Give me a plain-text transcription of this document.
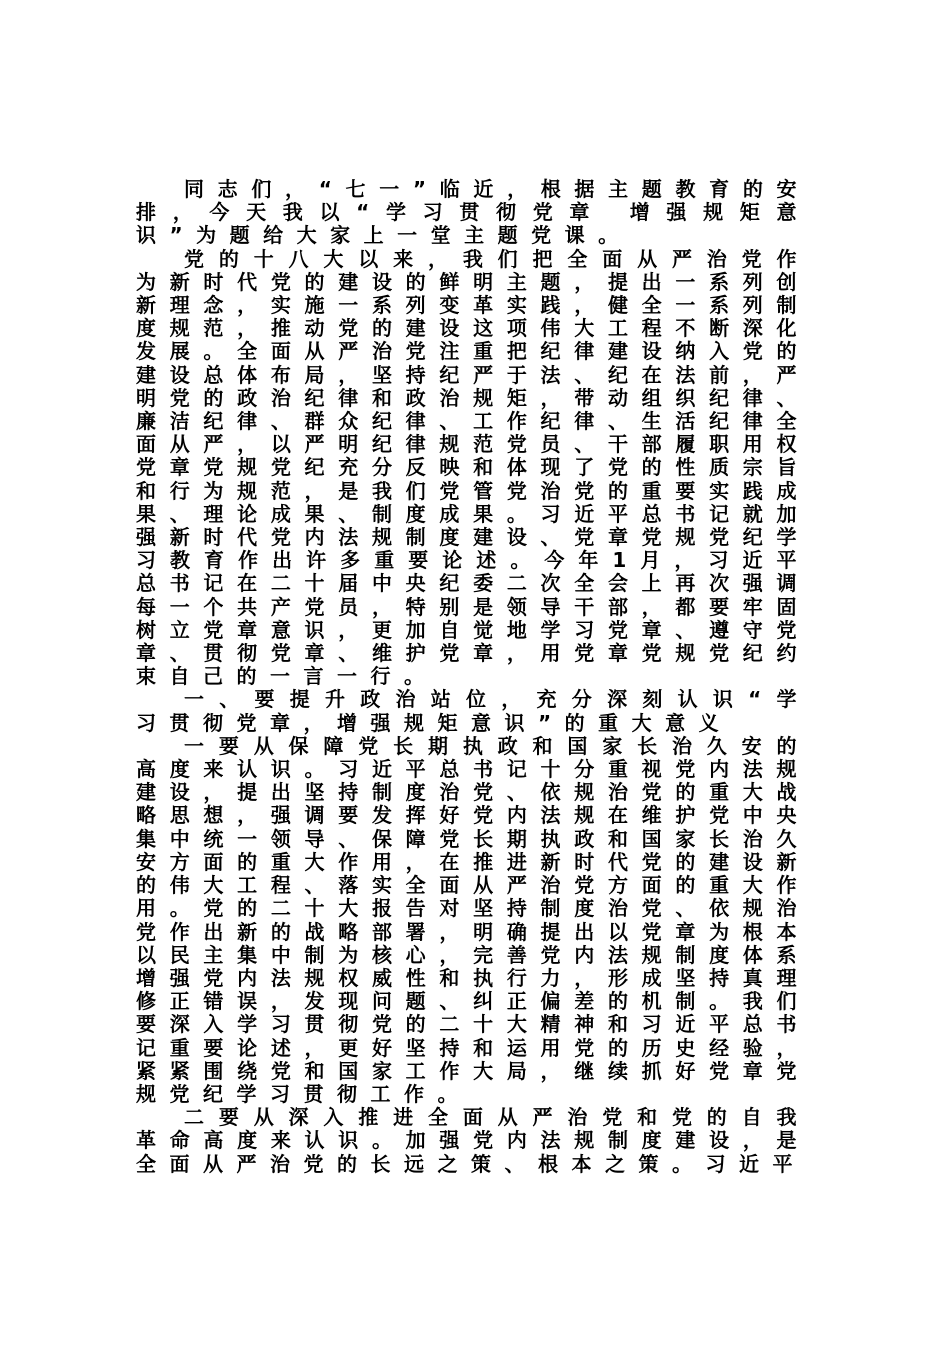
同志们，“七一”临近，根据主题教育的安排，今天我以“学习贯彻党章 增强规矩意识”为题给大家上一堂主题党课。

党的十八大以来，我们把全面从严治党作为新时代党的建设的鲜明主题，提出一系列创新理念，实施一系列变革实践，健全一系列制度规范，推动党的建设这项伟大工程不断深化发展。全面从严治党注重把纪律建设纳入党的建设总体布局，坚持纪严于法、纪在法前，严明党的政治纪律和政治规矩，带动组织纪律、廉洁纪律、群众纪律、工作纪律、生活纪律全面从严，以严明纪律规范党员、干部履职用权党章党规党纪充分反映和体现了党的性质宗旨和行为规范，是我们党管党治党的重要实践成果、理论成果、制度成果。习近平总书记就加强新时代党内法规制度建设、党章党规党纪学习教育作出许多重要论述。今年1月，习近平总书记在二十届中央纪委二次全会上再次强调每一个共产党员，特别是领导干部，都要牢固树立党章意识，更加自觉地学习党章、遵守党章、贯彻党章、维护党章，用党章党规党纪约束自己的一言一行。

一、要提升政治站位，充分深刻认识“学习贯彻党章，增强规矩意识”的重大意义

一要从保障党长期执政和国家长治久安的高度来认识。习近平总书记十分重视党内法规建设，提出坚持制度治党、依规治党的重大战略思想，强调要发挥好党内法规在维护党中央集中统一领导、保障党长期执政和国家长治久安方面的重大作用，在推进新时代党的建设新的伟大工程、落实全面从严治党方面的重大作用。党的二十大报告对坚持制度治党、依规治党作出新的战略部署，明确提出以党章为根本以民主集中制为核心，完善党内法规制度体系增强党内法规权威性和执行力，形成坚持真理修正错误，发现问题、纠正偏差的机制。我们要深入学习贯彻党的二十大精神和习近平总书记重要论述，更好坚持和运用党的历史经验，紧紧围绕党和国家工作大局，继续抓好党章党规党纪学习贯彻工作。

二要从深入推进全面从严治党和党的自我革命高度来认识。加强党内法规制度建设，是全面从严治党的长远之策、根本之策。习近平
